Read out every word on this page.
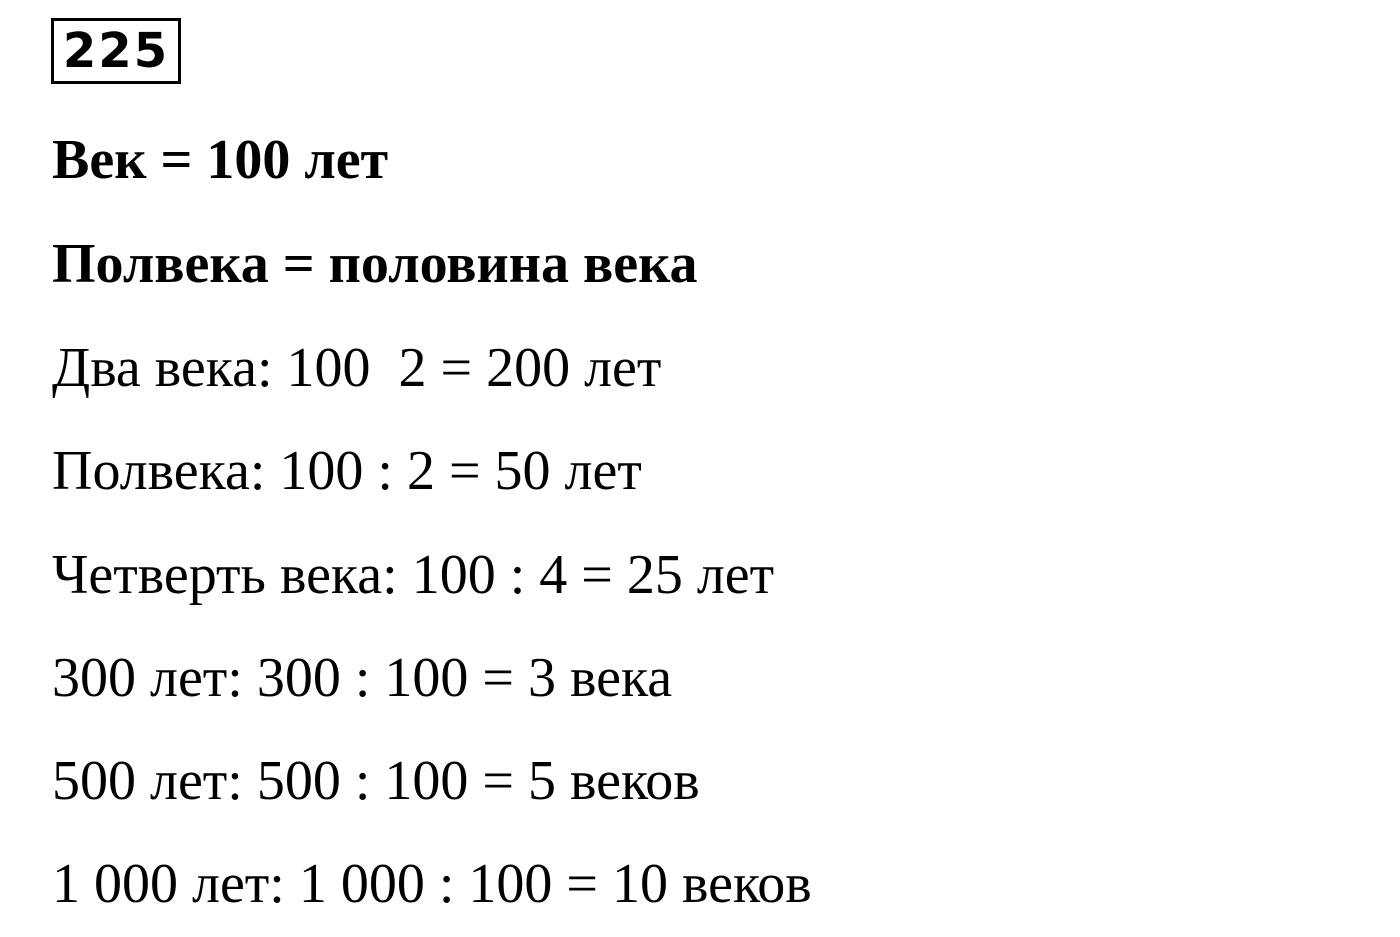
225
Век = 100 лет
Полвека = половина века
Два века: 100  2 = 200 лет
Полвека: 100 : 2 = 50 лет
Четверть века: 100 : 4 = 25 лет
300 лет: 300 : 100 = 3 века
500 лет: 500 : 100 = 5 веков
1 000 лет: 1 000 : 100 = 10 веков
